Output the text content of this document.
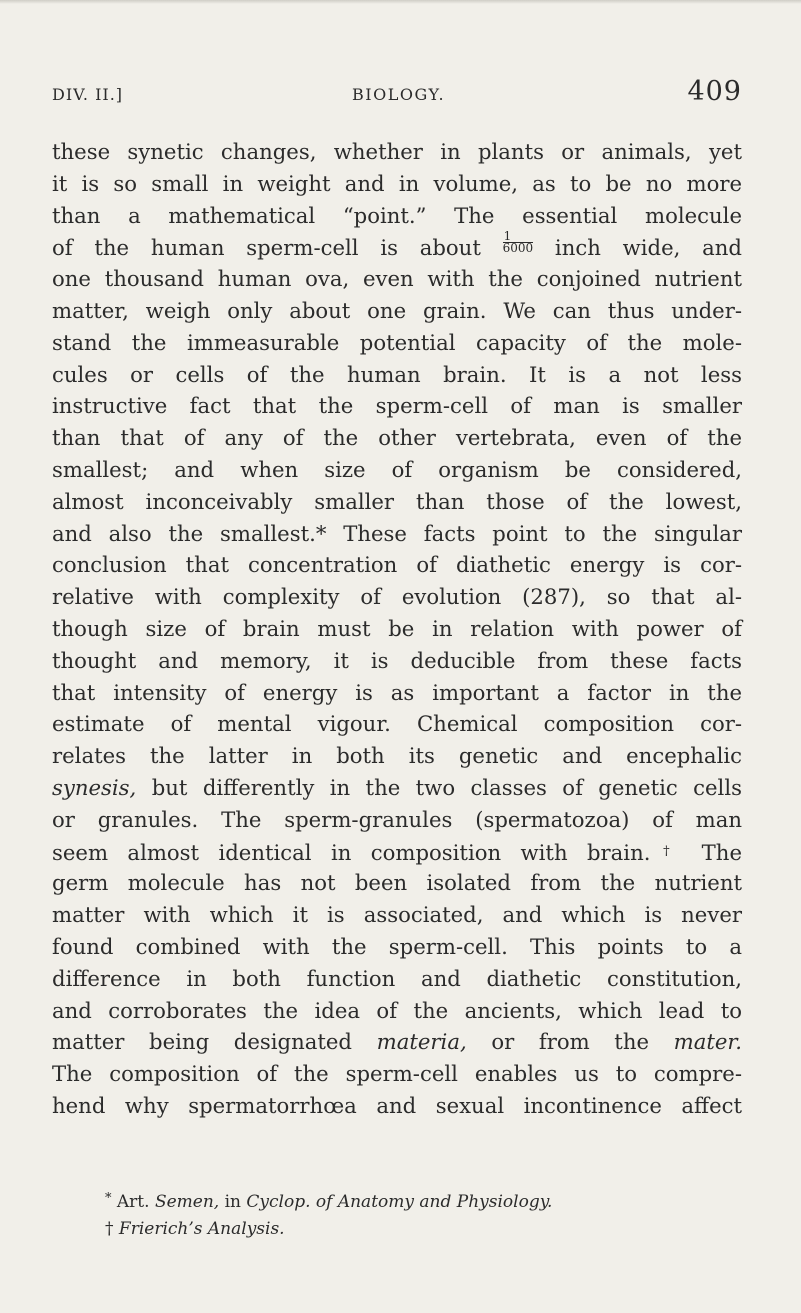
DIV. II.]	BIOLOGY.	409
these synetic changes, whether in plants or animals, yet
it is so small in weight and in volume, as to be no more
than a mathematical “point.” The essential molecule
of the human sperm-cell is about $\frac{1}{6000}$ inch wide, and
one thousand human ova, even with the conjoined nutrient
matter, weigh only about one grain. We can thus under-
stand the immeasurable potential capacity of the mole-
cules or cells of the human brain. It is a not less
instructive fact that the sperm-cell of man is smaller
than that of any of the other vertebrata, even of the
smallest; and when size of organism be considered,
almost inconceivably smaller than those of the lowest,
and also the smallest.* These facts point to the singular
conclusion that concentration of diathetic energy is cor-
relative with complexity of evolution (287), so that al-
though size of brain must be in relation with power of
thought and memory, it is deducible from these facts
that intensity of energy is as important a factor in the
estimate of mental vigour. Chemical composition cor-
relates the latter in both its genetic and encephalic
synesis, but differently in the two classes of genetic cells
or granules. The sperm-granules (spermatozoa) of man
seem almost identical in composition with brain.† The
germ molecule has not been isolated from the nutrient
matter with which it is associated, and which is never
found combined with the sperm-cell. This points to a
difference in both function and diathetic constitution,
and corroborates the idea of the ancients, which lead to
matter being designated materia, or from the mater.
The composition of the sperm-cell enables us to compre-
hend why spermatorrhœa and sexual incontinence affect
* Art. Semen, in Cyclop. of Anatomy and Physiology.
† Frierich’s Analysis.
